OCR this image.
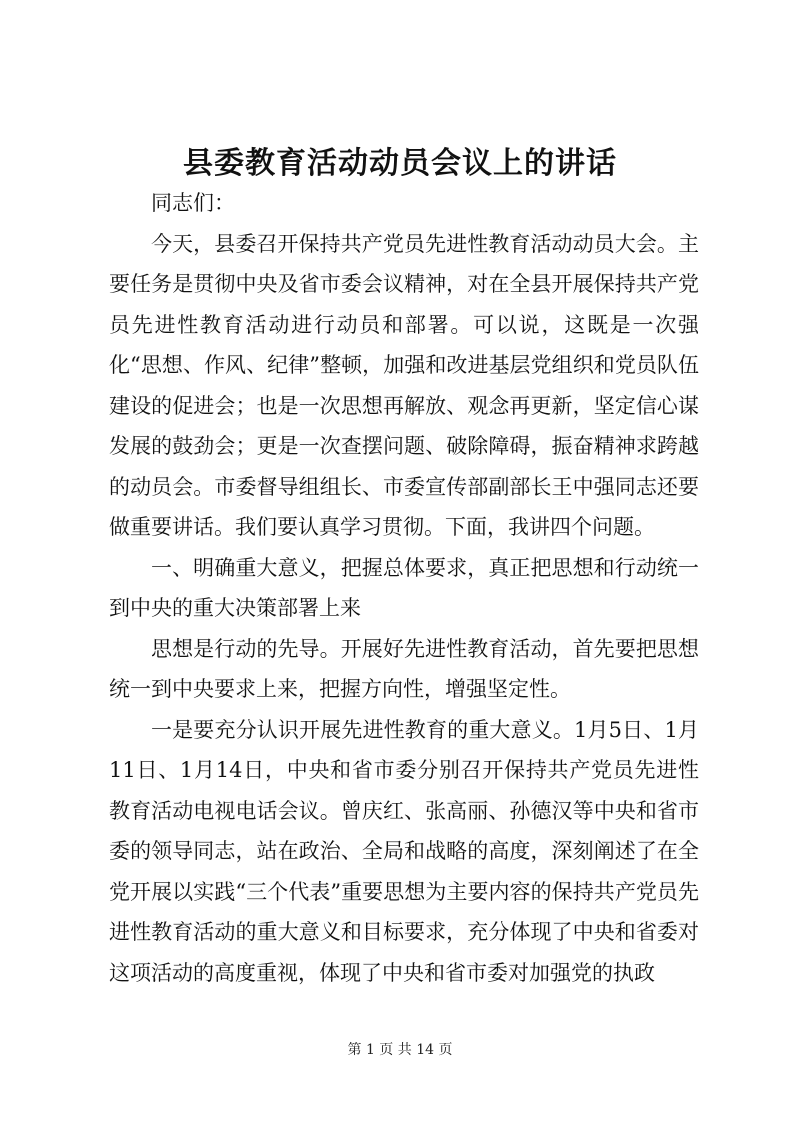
县委教育活动动员会议上的讲话

同志们：

今天，县委召开保持共产党员先进性教育活动动员大会。主要任务是贯彻中央及省市委会议精神，对在全县开展保持共产党员先进性教育活动进行动员和部署。可以说，这既是一次强化“思想、作风、纪律”整顿，加强和改进基层党组织和党员队伍建设的促进会；也是一次思想再解放、观念再更新，坚定信心谋发展的鼓劲会；更是一次查摆问题、破除障碍，振奋精神求跨越的动员会。市委督导组组长、市委宣传部副部长王中强同志还要做重要讲话。我们要认真学习贯彻。下面，我讲四个问题。

一、明确重大意义，把握总体要求，真正把思想和行动统一到中央的重大决策部署上来

思想是行动的先导。开展好先进性教育活动，首先要把思想统一到中央要求上来，把握方向性，增强坚定性。

一是要充分认识开展先进性教育的重大意义。1月5日、1月11日、1月14日，中央和省市委分别召开保持共产党员先进性教育活动电视电话会议。曾庆红、张高丽、孙德汉等中央和省市委的领导同志，站在政治、全局和战略的高度，深刻阐述了在全党开展以实践“三个代表”重要思想为主要内容的保持共产党员先进性教育活动的重大意义和目标要求，充分体现了中央和省委对这项活动的高度重视，体现了中央和省市委对加强党的执政

第 1 页 共 14 页
